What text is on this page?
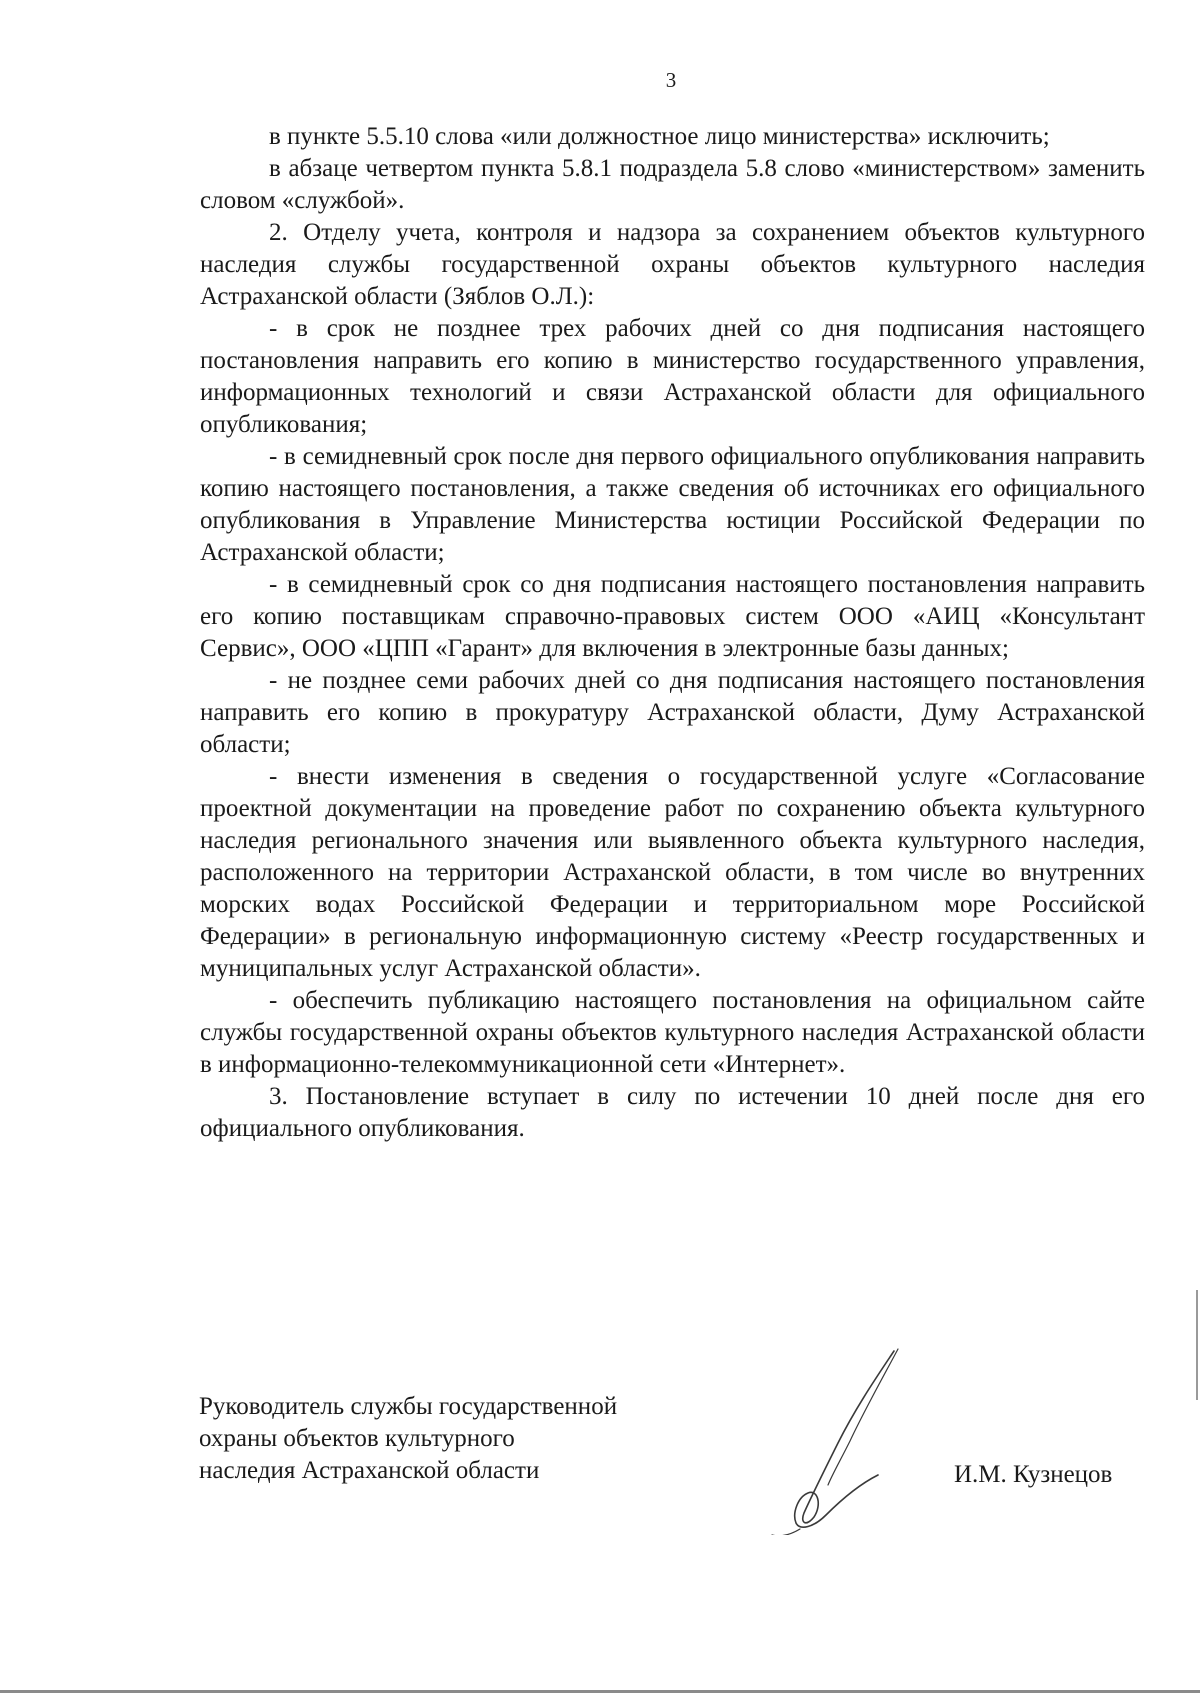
3

в пункте 5.5.10 слова «или должностное лицо министерства» исключить;

в абзаце четвертом пункта 5.8.1 подраздела 5.8 слово «министерством» заменить словом «службой».

2. Отделу учета, контроля и надзора за сохранением объектов культурного наследия службы государственной охраны объектов культурного наследия Астраханской области (Зяблов О.Л.):

- в срок не позднее трех рабочих дней со дня подписания настоящего постановления направить его копию в министерство государственного управления, информационных технологий и связи Астраханской области для официального опубликования;

- в семидневный срок после дня первого официального опубликования направить копию настоящего постановления, а также сведения об источниках его официального опубликования в Управление Министерства юстиции Российской Федерации по Астраханской области;

- в семидневный срок со дня подписания настоящего постановления направить его копию поставщикам справочно-правовых систем ООО «АИЦ «Консультант Сервис», ООО «ЦПП «Гарант» для включения в электронные базы данных;

- не позднее семи рабочих дней со дня подписания настоящего постановления направить его копию в прокуратуру Астраханской области, Думу Астраханской области;

- внести изменения в сведения о государственной услуге «Согласование проектной документации на проведение работ по сохранению объекта культурного наследия регионального значения или выявленного объекта культурного наследия, расположенного на территории Астраханской области, в том числе во внутренних морских водах Российской Федерации и территориальном море Российской Федерации» в региональную информационную систему «Реестр государственных и муниципальных услуг Астраханской области».

- обеспечить публикацию настоящего постановления на официальном сайте службы государственной охраны объектов культурного наследия Астраханской области в информационно-телекоммуникационной сети «Интернет».

3. Постановление вступает в силу по истечении 10 дней после дня его официального опубликования.

Руководитель службы государственной
охраны объектов культурного
наследия Астраханской области	И.М. Кузнецов
